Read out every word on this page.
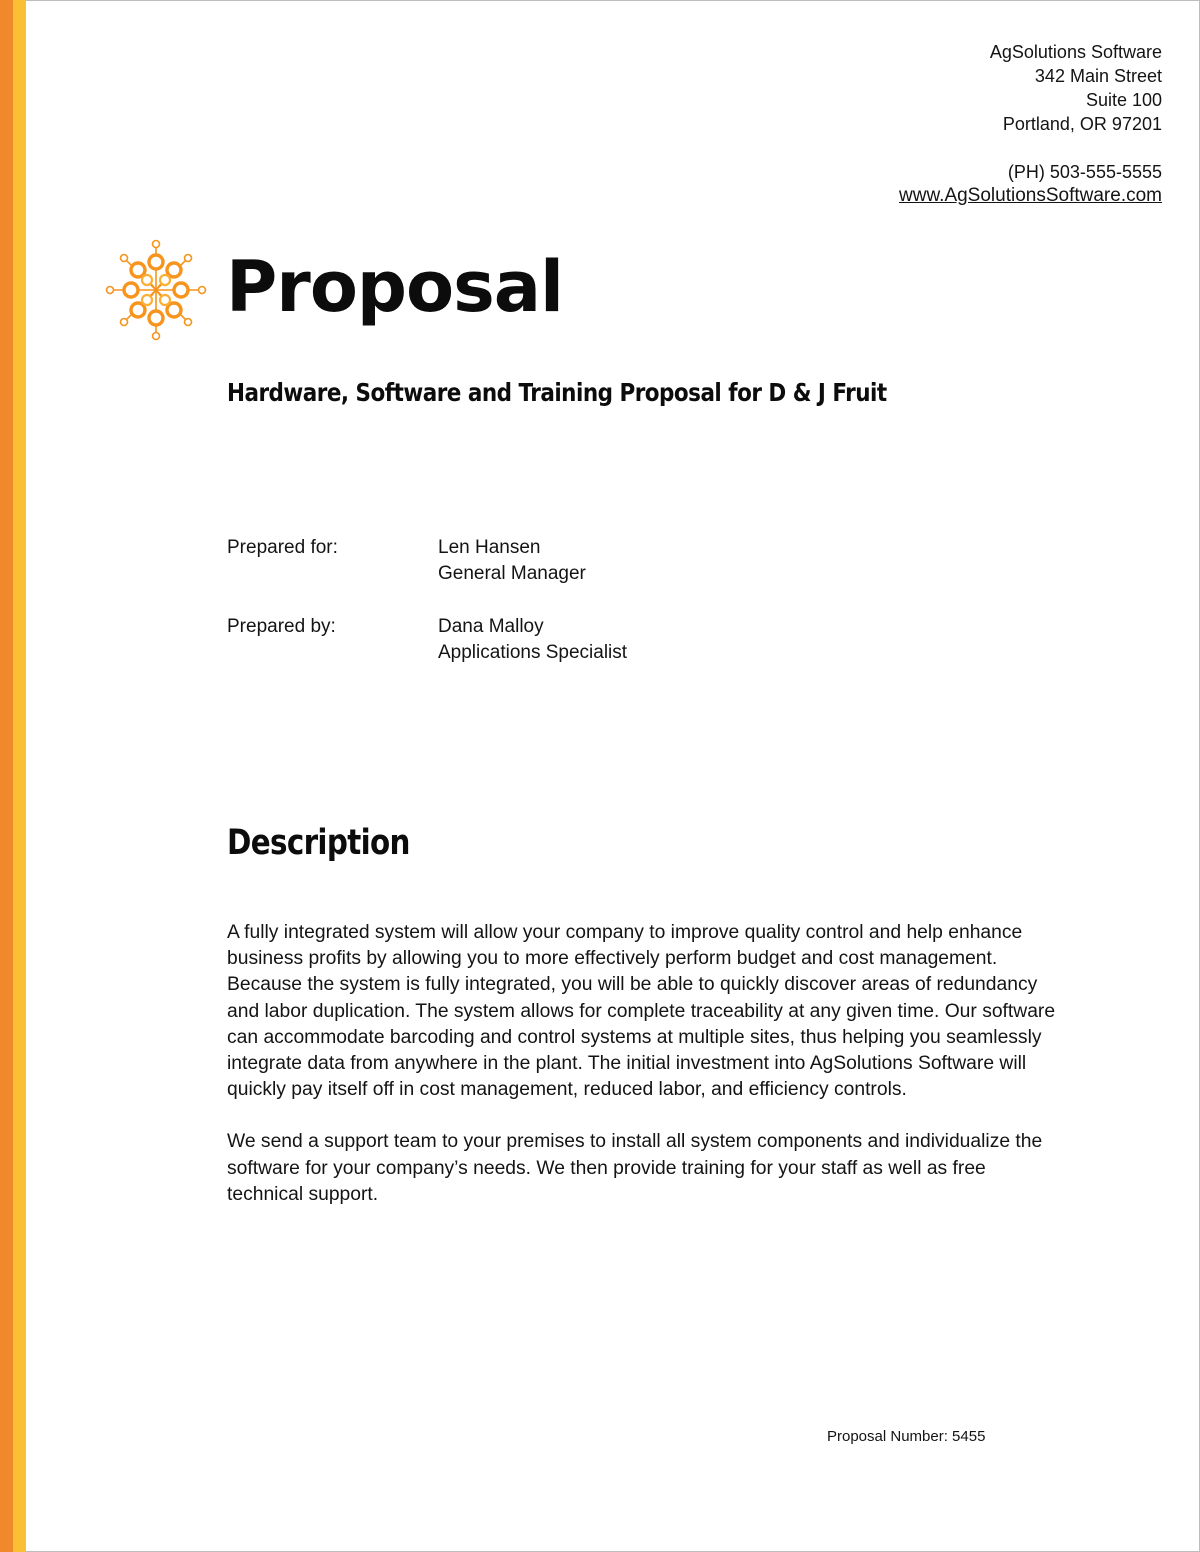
AgSolutions Software
342 Main Street
Suite 100
Portland, OR 97201
(PH) 503-555-5555
www.AgSolutionsSoftware.com
Proposal
Hardware, Software and Training Proposal for D & J Fruit
Prepared for:	Len Hansen
General Manager
Prepared by:	Dana Malloy
Applications Specialist
Description

A fully integrated system will allow your company to improve quality control and help enhance business profits by allowing you to more effectively perform budget and cost management. Because the system is fully integrated, you will be able to quickly discover areas of redundancy and labor duplication. The system allows for complete traceability at any given time. Our software can accommodate barcoding and control systems at multiple sites, thus helping you seamlessly integrate data from anywhere in the plant. The initial investment into AgSolutions Software will quickly pay itself off in cost management, reduced labor, and efficiency controls.

We send a support team to your premises to install all system components and individualize the software for your company’s needs. We then provide training for your staff as well as free technical support.

Proposal Number: 5455
